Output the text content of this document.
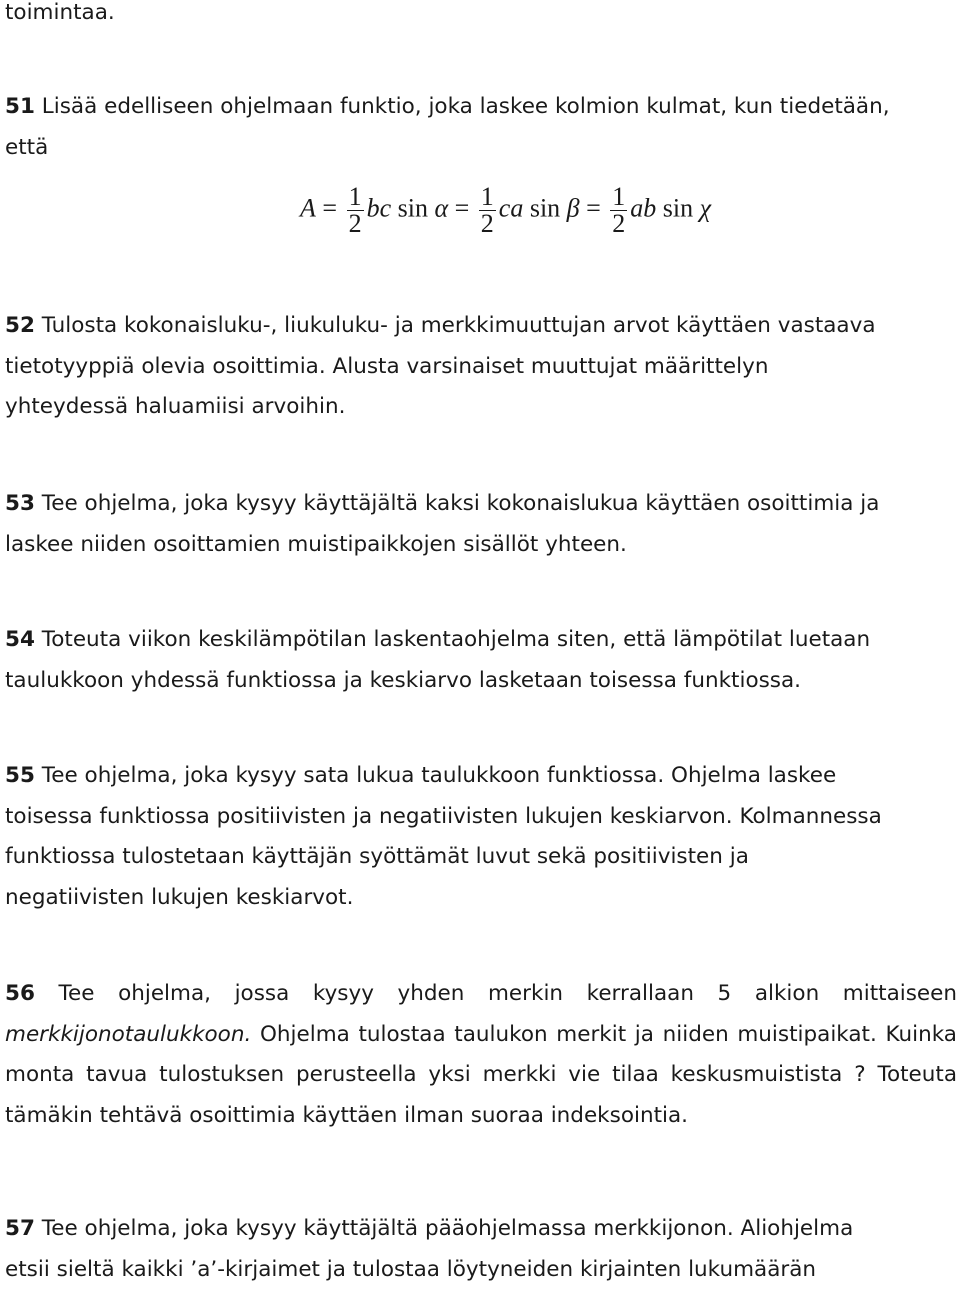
toimintaa.
51 Lisää edelliseen ohjelmaan funktio, joka laskee kolmion kulmat, kun tiedetään,
että
$A = \frac{1}{2}$ bc $\sin \alpha = \frac{1}{2}$ ca $\sin \beta = \frac{1}{2}$ ab sin χ
52 Tulosta kokonaisluku-, liukuluku- ja merkkimuuttujan arvot käyttäen vastaava
tietotyyppiä olevia osoittimia. Alusta varsinaiset muuttujat määrittelyn
yhteydessä haluamiisi arvoihin.
53 Tee ohjelma, joka kysyy käyttäjältä kaksi kokonaislukua käyttäen osoittimia ja
laskee niiden osoittamien muistipaikkojen sisällöt yhteen.
54 Toteuta viikon keskilämpötilan laskentaohjelma siten, että lämpötilat luetaan
taulukkoon yhdessä funktiossa ja keskiarvo lasketaan toisessa funktiossa.
55 Tee ohjelma, joka kysyy sata lukua taulukkoon funktiossa. Ohjelma laskee
toisessa funktiossa positiivisten ja negatiivisten lukujen keskiarvon. Kolmannessa
funktiossa tulostetaan käyttäjän syöttämät luvut sekä positiivisten ja
negatiivisten lukujen keskiarvot.
56 Tee ohjelma, jossa kysyy yhden merkin kerrallaan 5 alkion mittaiseen merkkijonotaulukkoon. Ohjelma tulostaa taulukon merkit ja niiden muistipaikat. Kuinka monta tavua tulostuksen perusteella yksi merkki vie tilaa keskusmuistista ? Toteuta tämäkin tehtävä osoittimia käyttäen ilman suoraa indeksointia.
57 Tee ohjelma, joka kysyy käyttäjältä pääohjelmassa merkkijonon. Aliohjelma
etsii sieltä kaikki ’a’-kirjaimet ja tulostaa löytyneiden kirjainten lukumäärän
